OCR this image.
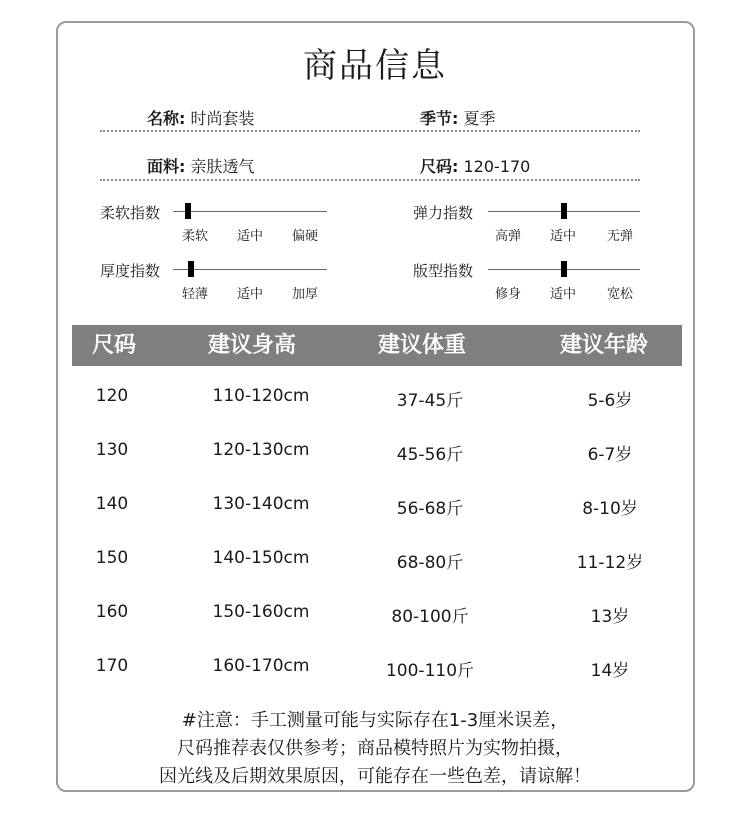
商品信息
名称: 时尚套装	季节: 夏季
面料: 亲肤透气	尺码: 120-170
柔软指数
柔软	适中	偏硬
弹力指数
高弹	适中	无弹
厚度指数
轻薄	适中	加厚
版型指数
修身	适中	宽松
尺码	建议身高	建议体重	建议年龄
120	110-120cm	37-45斤	5-6岁
130	120-130cm	45-56斤	6-7岁
140	130-140cm	56-68斤	8-10岁
150	140-150cm	68-80斤	11-12岁
160	150-160cm	80-100斤	13岁
170	160-170cm	100-110斤	14岁
#注意：手工测量可能与实际存在1-3厘米误差，
尺码推荐表仅供参考；商品模特照片为实物拍摄，
因光线及后期效果原因，可能存在一些色差，请谅解！
